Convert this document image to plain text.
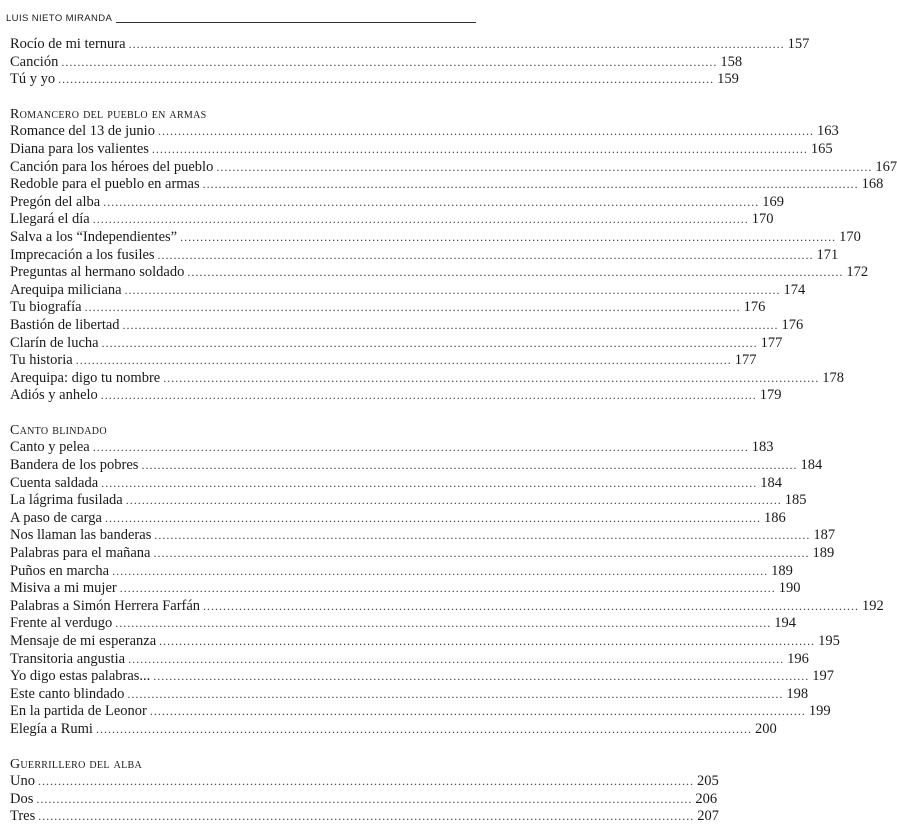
LUIS NIETO MIRANDA
Rocío de mi ternura .....	157
Canción .....	158
Tú y yo .....	159
Romancero del pueblo en armas
Romance del 13 de junio .....	163
Diana para los valientes .....	165
Canción para los héroes del pueblo .....	167
Redoble para el pueblo en armas .....	168
Pregón del alba .....	169
Llegará el día .....	170
Salva a los “Independientes” .....	170
Imprecación a los fusiles .....	171
Preguntas al hermano soldado .....	172
Arequipa miliciana .....	174
Tu biografía .....	176
Bastión de libertad .....	176
Clarín de lucha .....	177
Tu historia .....	177
Arequipa: digo tu nombre .....	178
Adiós y anhelo .....	179
Canto blindado
Canto y pelea .....	183
Bandera de los pobres .....	184
Cuenta saldada .....	184
La lágrima fusilada .....	185
A paso de carga .....	186
Nos llaman las banderas .....	187
Palabras para el mañana .....	189
Puños en marcha .....	189
Misiva a mi mujer .....	190
Palabras a Simón Herrera Farfán .....	192
Frente al verdugo .....	194
Mensaje de mi esperanza .....	195
Transitoria angustia .....	196
Yo digo estas palabras... .....	197
Este canto blindado .....	198
En la partida de Leonor .....	199
Elegía a Rumi .....	200
Guerrillero del alba
Uno .....	205
Dos .....	206
Tres .....	207
